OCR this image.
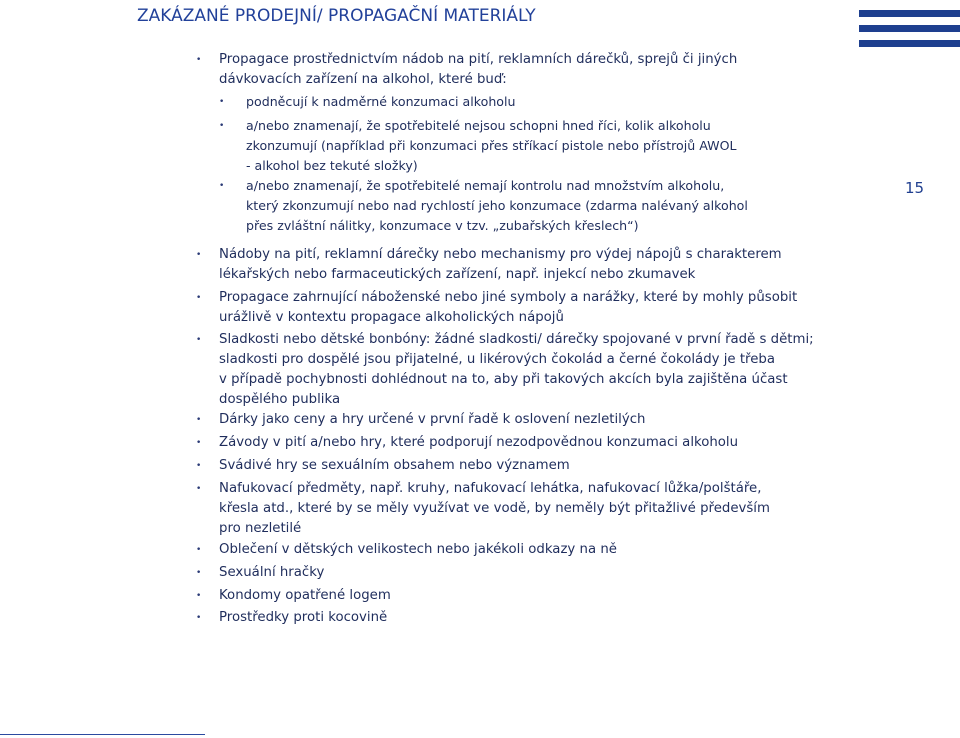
ZAKÁZANÉ PRODEJNÍ/ PROPAGAČNÍ MATERIÁLY
15
• Propagace prostřednictvím nádob na pití, reklamních dárečků, sprejů či jiných
dávkovacích zařízení na alkohol, které buď:
• podněcují k nadměrné konzumaci alkoholu
• a/nebo znamenají, že spotřebitelé nejsou schopni hned říci, kolik alkoholu
zkonzumují (například při konzumaci přes stříkací pistole nebo přístrojů AWOL
- alkohol bez tekuté složky)
• a/nebo znamenají, že spotřebitelé nemají kontrolu nad množstvím alkoholu,
který zkonzumují nebo nad rychlostí jeho konzumace (zdarma nalévaný alkohol
přes zvláštní nálitky, konzumace v tzv. „zubařských křeslech“)
• Nádoby na pití, reklamní dárečky nebo mechanismy pro výdej nápojů s charakterem
lékařských nebo farmaceutických zařízení, např. injekcí nebo zkumavek
• Propagace zahrnující náboženské nebo jiné symboly a narážky, které by mohly působit
urážlivě v kontextu propagace alkoholických nápojů
• Sladkosti nebo dětské bonbóny: žádné sladkosti/ dárečky spojované v první řadě s dětmi;
sladkosti pro dospělé jsou přijatelné, u likérových čokolád a černé čokolády je třeba
v případě pochybnosti dohlédnout na to, aby při takových akcích byla zajištěna účast
dospělého publika
• Dárky jako ceny a hry určené v první řadě k oslovení nezletilých
• Závody v pití a/nebo hry, které podporují nezodpovědnou konzumaci alkoholu
• Svádivé hry se sexuálním obsahem nebo významem
• Nafukovací předměty, např. kruhy, nafukovací lehátka, nafukovací lůžka/polštáře,
křesla atd., které by se měly využívat ve vodě, by neměly být přitažlivé především
pro nezletilé
• Oblečení v dětských velikostech nebo jakékoli odkazy na ně
• Sexuální hračky
• Kondomy opatřené logem
• Prostředky proti kocovině
